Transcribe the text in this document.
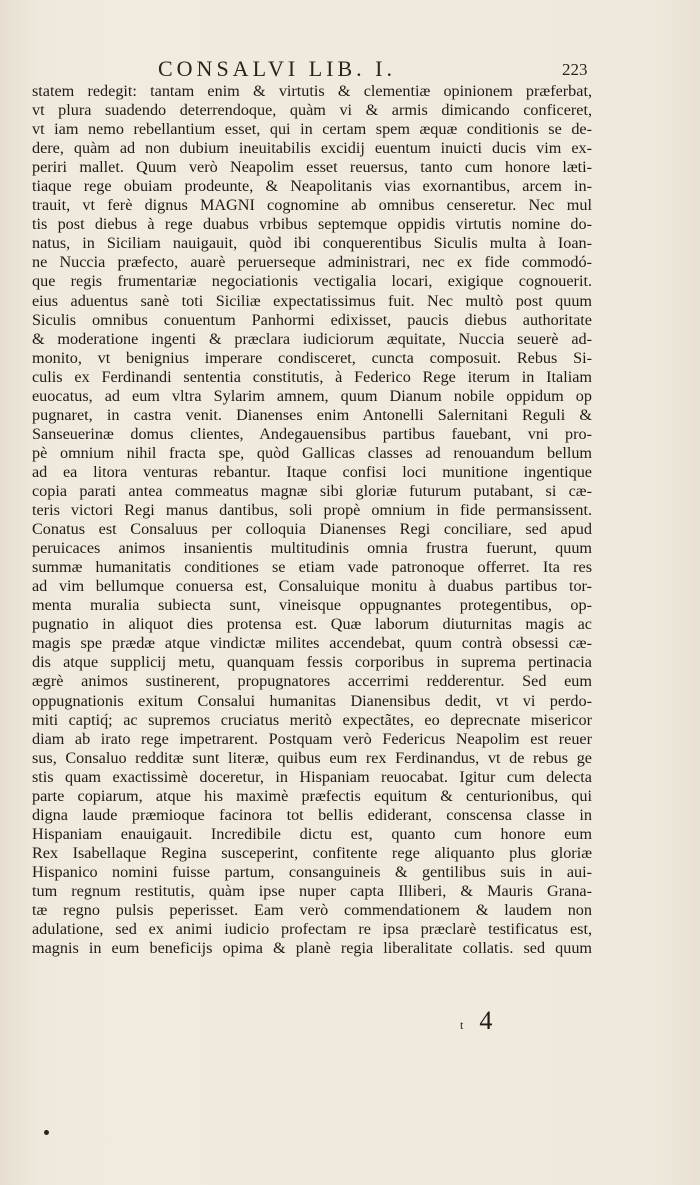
CONSALVI LIB. I.	223
statem redegit: tantam enim & virtutis & clementiæ opinionem præferbat,
vt plura suadendo deterrendoque, quàm vi & armis dimicando conficeret,
vt iam nemo rebellantium esset, qui in certam spem æquæ conditionis se de-
dere, quàm ad non dubium ineuitabilis excidij euentum inuicti ducis vim ex-
periri mallet. Quum verò Neapolim esset reuersus, tanto cum honore læti-
tiaque rege obuiam prodeunte, & Neapolitanis vias exornantibus, arcem in-
trauit, vt ferè dignus MAGNI cognomine ab omnibus censeretur. Nec mul
tis post diebus à rege duabus vrbibus septemque oppidis virtutis nomine do-
natus, in Siciliam nauigauit, quòd ibi conquerentibus Siculis multa à Ioan-
ne Nuccia præfecto, auarè peruerseque administrari, nec ex fide commodó-
que regis frumentariæ negociationis vectigalia locari, exigique cognouerit.
eius aduentus sanè toti Siciliæ expectatissimus fuit. Nec multò post quum
Siculis omnibus conuentum Panhormi edixisset, paucis diebus authoritate
& moderatione ingenti & præclara iudiciorum æquitate, Nuccia seuerè ad-
monito, vt benignius imperare condisceret, cuncta composuit. Rebus Si-
culis ex Ferdinandi sententia constitutis, à Federico Rege iterum in Italiam
euocatus, ad eum vltra Sylarim amnem, quum Dianum nobile oppidum op
pugnaret, in castra venit. Dianenses enim Antonelli Salernitani Reguli &
Sanseuerinæ domus clientes, Andegauensibus partibus fauebant, vni pro-
pè omnium nihil fracta spe, quòd Gallicas classes ad renouandum bellum
ad ea litora venturas rebantur. Itaque confisi loci munitione ingentique
copia parati antea commeatus magnæ sibi gloriæ futurum putabant, si cæ-
teris victori Regi manus dantibus, soli propè omnium in fide permansissent.
Conatus est Consaluus per colloquia Dianenses Regi conciliare, sed apud
peruicaces animos insanientis multitudinis omnia frustra fuerunt, quum
summæ humanitatis conditiones se etiam vade patronoque offerret. Ita res
ad vim bellumque conuersa est, Consaluique monitu à duabus partibus tor-
menta muralia subiecta sunt, vineisque oppugnantes protegentibus, op-
pugnatio in aliquot dies protensa est. Quæ laborum diuturnitas magis ac
magis spe prædæ atque vindictæ milites accendebat, quum contrà obsessi cæ-
dis atque supplicij metu, quanquam fessis corporibus in suprema pertinacia
ægrè animos sustinerent, propugnatores accerrimi redderentur. Sed eum
oppugnationis exitum Consalui humanitas Dianensibus dedit, vt vi perdo-
miti captiq́; ac supremos cruciatus meritò expectãtes, eo deprecnate misericor
diam ab irato rege impetrarent. Postquam verò Federicus Neapolim est reuer
sus, Consaluo redditæ sunt literæ, quibus eum rex Ferdinandus, vt de rebus ge
stis quam exactissimè doceretur, in Hispaniam reuocabat. Igitur cum delecta
parte copiarum, atque his maximè præfectis equitum & centurionibus, qui
digna laude præmioque facinora tot bellis ediderant, conscensa classe in
Hispaniam enauigauit. Incredibile dictu est, quanto cum honore eum
Rex Isabellaque Regina susceperint, confitente rege aliquanto plus gloriæ
Hispanico nomini fuisse partum, consanguineis & gentilibus suis in aui-
tum regnum restitutis, quàm ipse nuper capta Illiberi, & Mauris Grana-
tæ regno pulsis peperisset. Eam verò commendationem & laudem non
adulatione, sed ex animi iudicio profectam re ipsa præclarè testificatus est,
magnis in eum beneficijs opima & planè regia liberalitate collatis. sed quum
t 4
